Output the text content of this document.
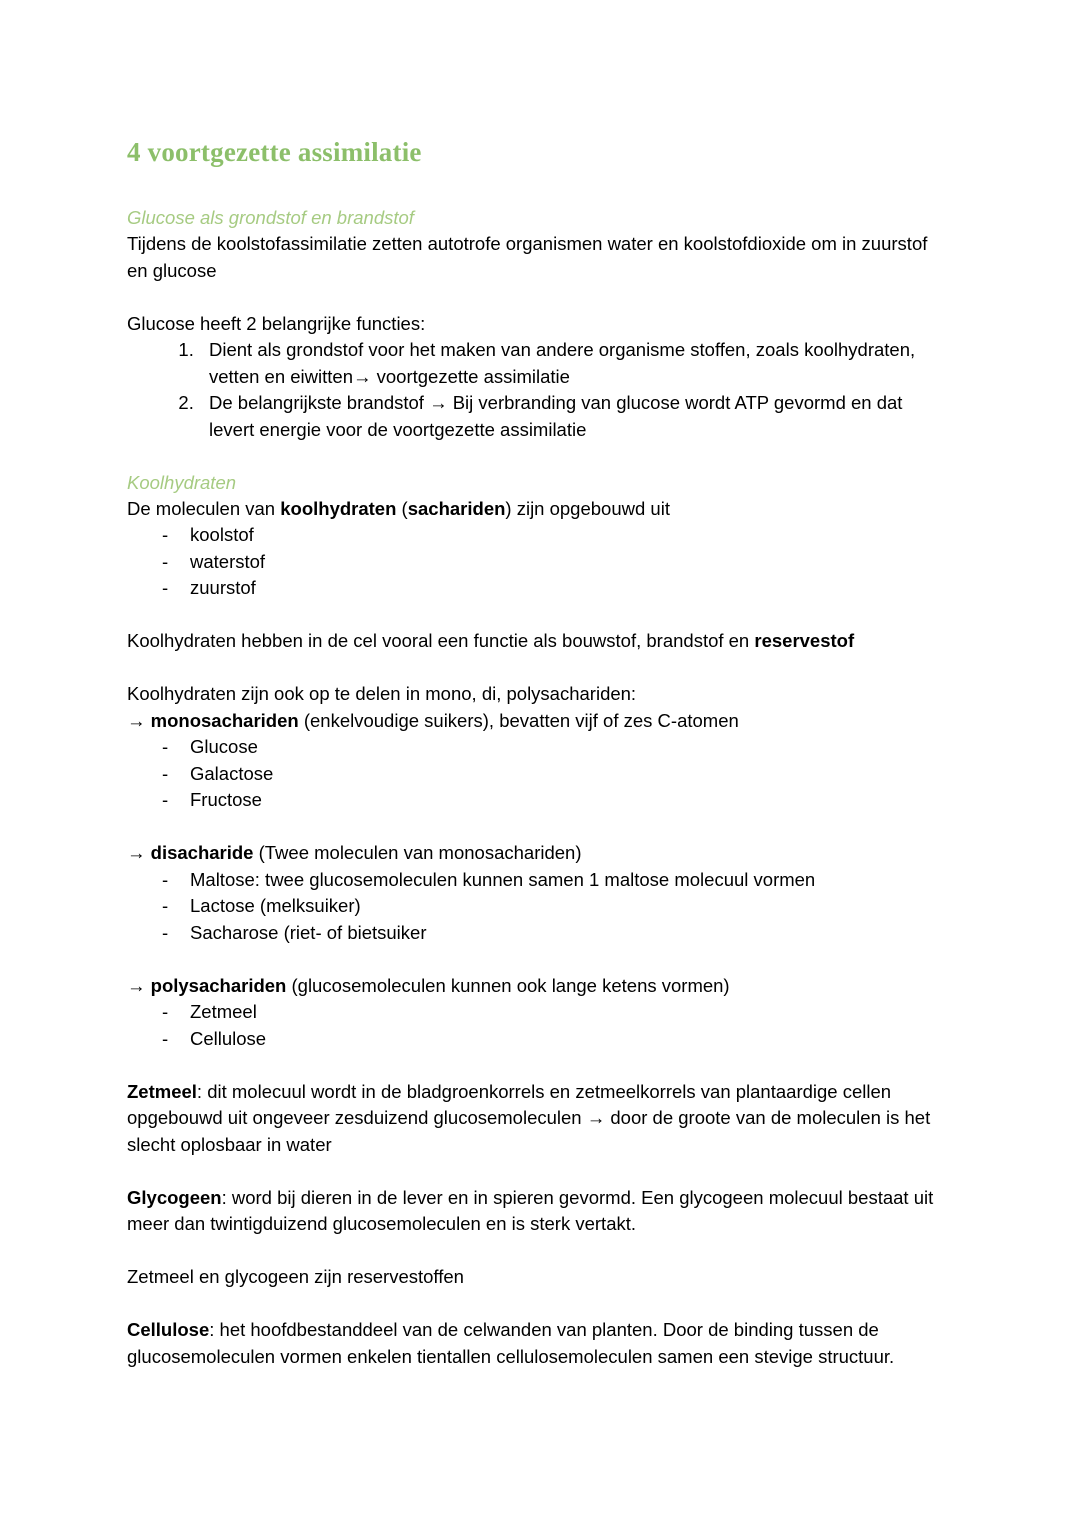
4 voortgezette assimilatie
Glucose als grondstof en brandstof

Tijdens de koolstofassimilatie zetten autotrofe organismen water en koolstofdioxide om in zuurstof en glucose

Glucose heeft 2 belangrijke functies:

1. Dient als grondstof voor het maken van andere organisme stoffen, zoals koolhydraten, vetten en eiwitten→ voortgezette assimilatie
2. De belangrijkste brandstof → Bij verbranding van glucose wordt ATP gevormd en dat levert energie voor de voortgezette assimilatie
Koolhydraten

De moleculen van koolhydraten (sachariden) zijn opgebouwd uit

- koolstof
- waterstof
- zuurstof

Koolhydraten hebben in de cel vooral een functie als bouwstof, brandstof en reservestof

Koolhydraten zijn ook op te delen in mono, di, polysachariden:

→ monosachariden (enkelvoudige suikers), bevatten vijf of zes C-atomen

- Glucose
- Galactose
- Fructose

→ disacharide (Twee moleculen van monosachariden)

- Maltose: twee glucosemoleculen kunnen samen 1 maltose molecuul vormen
- Lactose (melksuiker)
- Sacharose (riet- of bietsuiker

→ polysachariden (glucosemoleculen kunnen ook lange ketens vormen)

- Zetmeel
- Cellulose

Zetmeel: dit molecuul wordt in de bladgroenkorrels en zetmeelkorrels van plantaardige cellen opgebouwd uit ongeveer zesduizend glucosemoleculen → door de groote van de moleculen is het slecht oplosbaar in water

Glycogeen: word bij dieren in de lever en in spieren gevormd. Een glycogeen molecuul bestaat uit meer dan twintigduizend glucosemoleculen en is sterk vertakt.

Zetmeel en glycogeen zijn reservestoffen

Cellulose: het hoofdbestanddeel van de celwanden van planten. Door de binding tussen de glucosemoleculen vormen enkelen tientallen cellulosemoleculen samen een stevige structuur.
